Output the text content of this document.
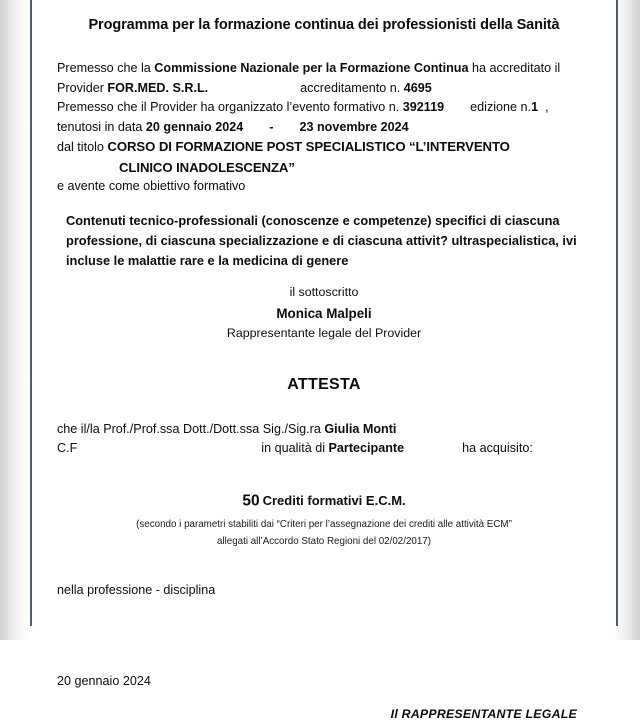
Programma per la formazione continua dei professionisti della Sanità
Premesso che la Commissione Nazionale per la Formazione Continua ha accreditato il
Provider FOR.MED. S.R.L.	accreditamento n. 4695
Premesso che il Provider ha organizzato l’evento formativo n. 392119 edizione n.1 ,
tenutosi in data 20 gennaio 2024 - 23 novembre 2024
dal titolo CORSO DI FORMAZIONE POST SPECIALISTICO “L’INTERVENTO
CLINICO INADOLESCENZA”
e avente come obiettivo formativo
Contenuti tecnico-professionali (conoscenze e competenze) specifici di ciascuna professione, di ciascuna specializzazione e di ciascuna attivit? ultraspecialistica, ivi incluse le malattie rare e la medicina di genere
il sottoscritto
Monica Malpeli
Rappresentante legale del Provider
ATTESTA
che il/la Prof./Prof.ssa Dott./Dott.ssa Sig./Sig.ra Giulia Monti
C.F	in qualità di Partecipante	ha acquisito:
50 Crediti formativi E.C.M.
(secondo i parametri stabiliti dai “Criteri per l’assegnazione dei crediti alle attività ECM”
allegati all’Accordo Stato Regioni del 02/02/2017)
nella professione - disciplina
20 gennaio 2024
Il RAPPRESENTANTE LEGALE
